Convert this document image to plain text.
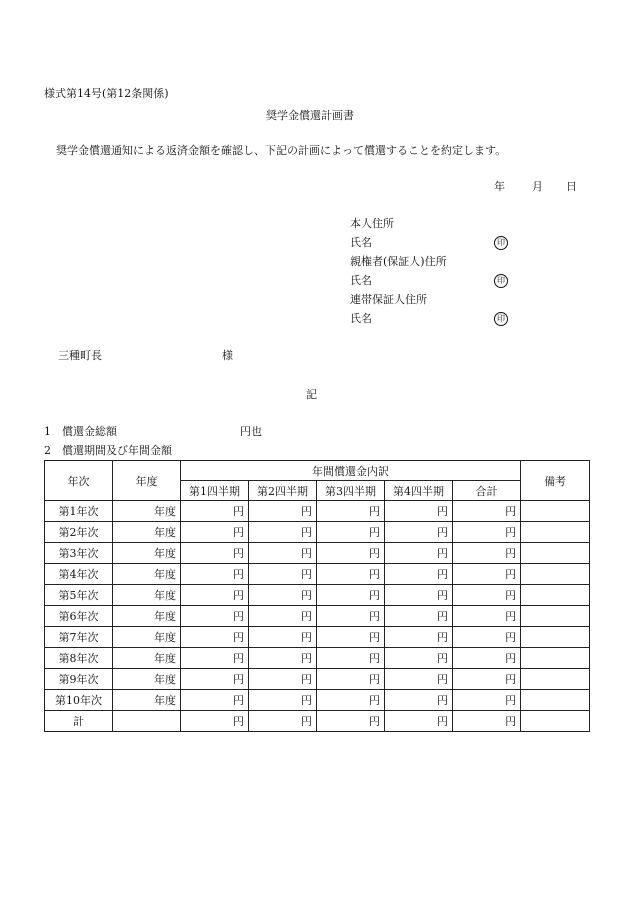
様式第14号(第12条関係)
奨学金償還計画書
奨学金償還通知による返済金額を確認し、下記の計画によって償還することを約定します。
年 月 日
本人住所
氏名	印
親権者(保証人)住所
氏名	印
連帯保証人住所
氏名	印
三種町長	様
記
1　償還金総額	円也
2　償還期間及び年間金額
年次	年度	年間償還金内訳					備考
		第1四半期	第2四半期	第3四半期	第4四半期	合計	
第1年次	年度	円	円	円	円	円	
第2年次	年度	円	円	円	円	円	
第3年次	年度	円	円	円	円	円	
第4年次	年度	円	円	円	円	円	
第5年次	年度	円	円	円	円	円	
第6年次	年度	円	円	円	円	円	
第7年次	年度	円	円	円	円	円	
第8年次	年度	円	円	円	円	円	
第9年次	年度	円	円	円	円	円	
第10年次	年度	円	円	円	円	円	
計		円	円	円	円	円	
